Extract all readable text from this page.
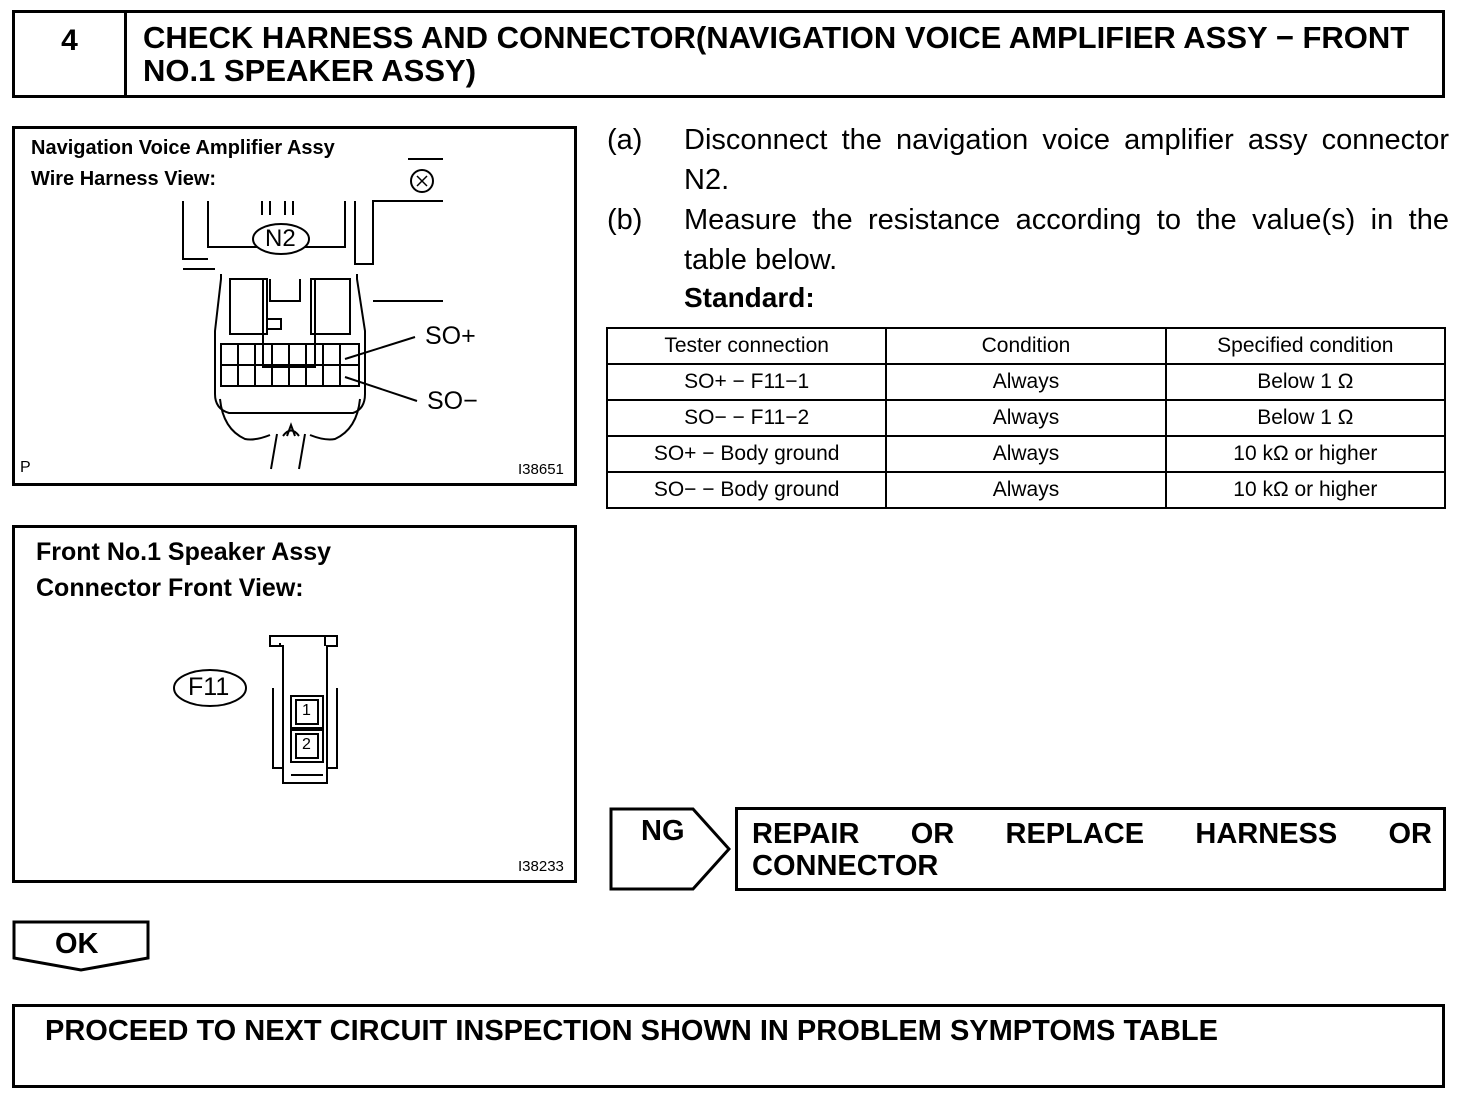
4	CHECK HARNESS AND CONNECTOR(NAVIGATION VOICE AMPLIFIER ASSY − FRONT NO.1 SPEAKER ASSY)
Navigation Voice Amplifier Assy
Wire Harness View:
N2
SO+
SO−
P	I38651
Front No.1 Speaker Assy
Connector Front View:
F11
1
2
I38233
(a) Disconnect the navigation voice amplifier assy connector N2.
(b) Measure the resistance according to the value(s) in the table below.
Standard:
Tester connection	Condition	Specified condition
SO+ − F11−1	Always	Below 1 Ω
SO− − F11−2	Always	Below 1 Ω
SO+ − Body ground	Always	10 kΩ or higher
SO− − Body ground	Always	10 kΩ or higher
NG REPAIR OR REPLACE HARNESS OR CONNECTOR
OK
PROCEED TO NEXT CIRCUIT INSPECTION SHOWN IN PROBLEM SYMPTOMS TABLE
